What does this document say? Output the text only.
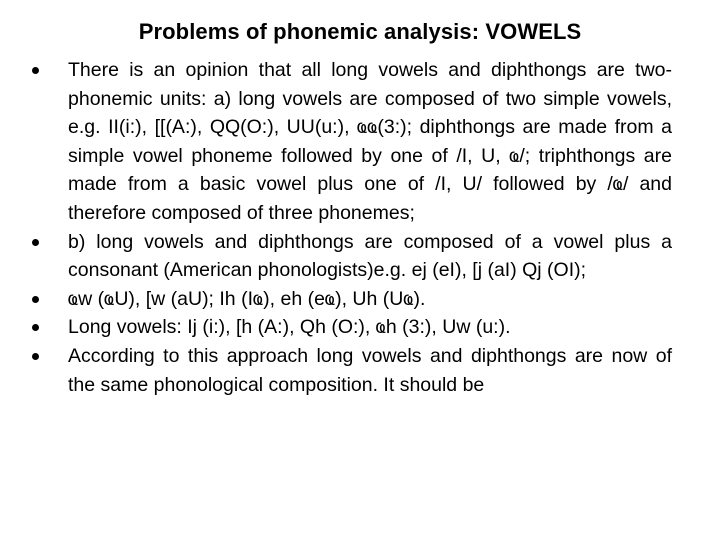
Problems of phonemic analysis: VOWELS
There is an opinion that all long vowels and diphthongs are two-phonemic units: a) long vowels are composed of two simple vowels, e.g. ІІ(і:), [[(A:), QQ(O:), UU(u:), ҩҩ(3:); diphthongs are made from a simple vowel phoneme followed by one of /І, U, ҩ/; triphthongs are made from a basic vowel plus one of /І, U/ followed by /ҩ/ and therefore composed of three phonemes;
b) long vowels and diphthongs are composed of a vowel plus a consonant (American phonologists)e.g. ej (eІ), [j (aІ) Qj (OІ);
ҩw (ҩU), [w (aU); Іh (Іҩ), eh (eҩ), Uh (Uҩ).
Long vowels: Іj (і:), [h (A:), Qh (O:), ҩh (3:), Uw (u:).
According to this approach long vowels and diphthongs are now of the same phonological composition. It should be
